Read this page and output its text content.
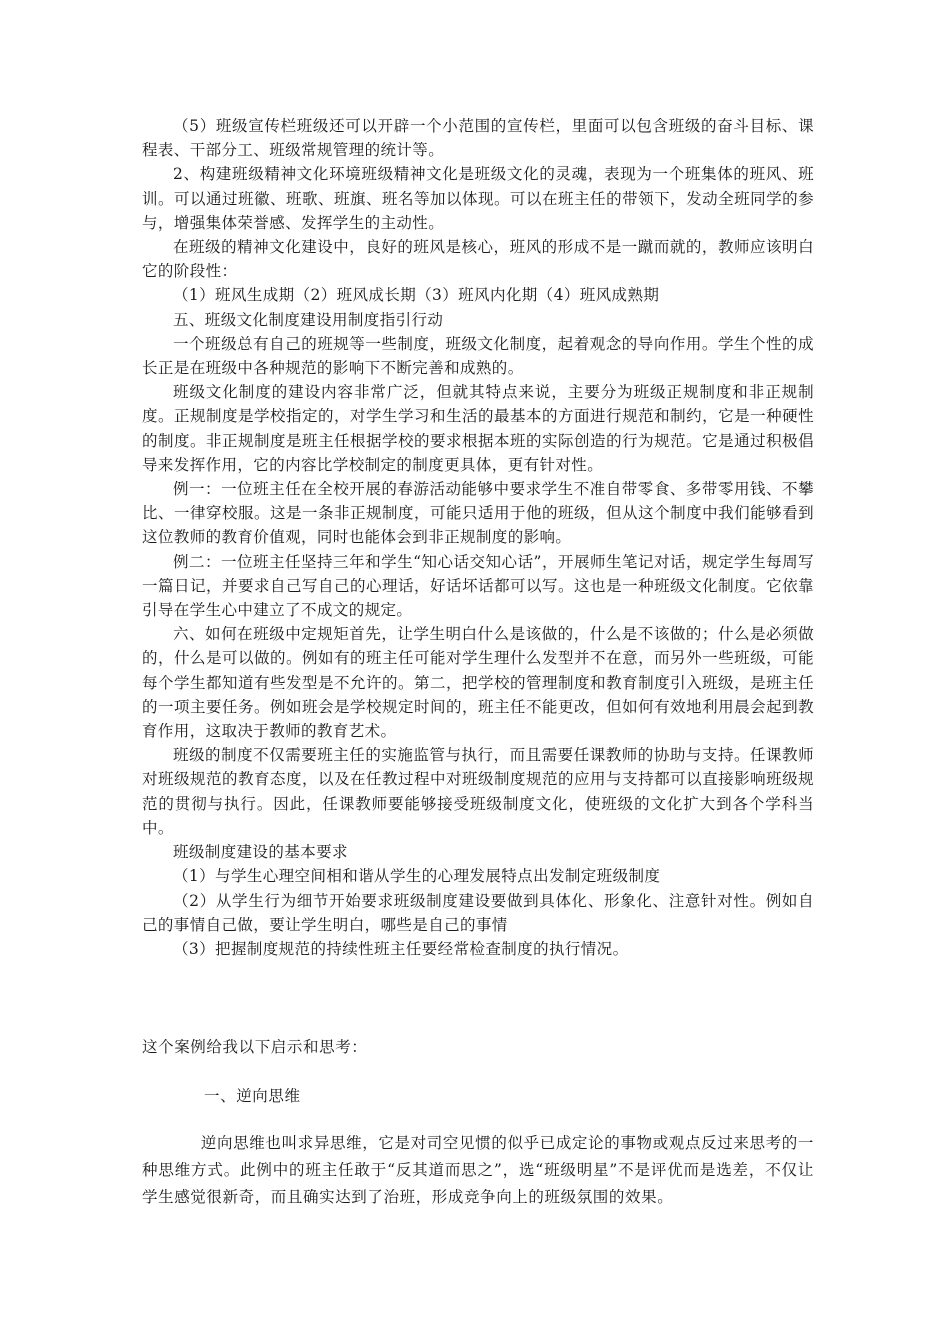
（5）班级宣传栏班级还可以开辟一个小范围的宣传栏，里面可以包含班级的奋斗目标、课程表、干部分工、班级常规管理的统计等。

2、构建班级精神文化环境班级精神文化是班级文化的灵魂，表现为一个班集体的班风、班训。可以通过班徽、班歌、班旗、班名等加以体现。可以在班主任的带领下，发动全班同学的参与，增强集体荣誉感、发挥学生的主动性。

在班级的精神文化建设中，良好的班风是核心，班风的形成不是一蹴而就的，教师应该明白它的阶段性：

（1）班风生成期（2）班风成长期（3）班风内化期（4）班风成熟期

五、班级文化制度建设用制度指引行动

一个班级总有自己的班规等一些制度，班级文化制度，起着观念的导向作用。学生个性的成长正是在班级中各种规范的影响下不断完善和成熟的。

班级文化制度的建设内容非常广泛，但就其特点来说，主要分为班级正规制度和非正规制度。正规制度是学校指定的，对学生学习和生活的最基本的方面进行规范和制约，它是一种硬性的制度。非正规制度是班主任根据学校的要求根据本班的实际创造的行为规范。它是通过积极倡导来发挥作用，它的内容比学校制定的制度更具体，更有针对性。

例一：一位班主任在全校开展的春游活动能够中要求学生不准自带零食、多带零用钱、不攀比、一律穿校服。这是一条非正规制度，可能只适用于他的班级，但从这个制度中我们能够看到这位教师的教育价值观，同时也能体会到非正规制度的影响。

例二：一位班主任坚持三年和学生“知心话交知心话”，开展师生笔记对话，规定学生每周写一篇日记，并要求自己写自己的心理话，好话坏话都可以写。这也是一种班级文化制度。它依靠引导在学生心中建立了不成文的规定。

六、如何在班级中定规矩首先，让学生明白什么是该做的，什么是不该做的；什么是必须做的，什么是可以做的。例如有的班主任可能对学生理什么发型并不在意，而另外一些班级，可能每个学生都知道有些发型是不允许的。第二，把学校的管理制度和教育制度引入班级，是班主任的一项主要任务。例如班会是学校规定时间的，班主任不能更改，但如何有效地利用晨会起到教育作用，这取决于教师的教育艺术。

班级的制度不仅需要班主任的实施监管与执行，而且需要任课教师的协助与支持。任课教师对班级规范的教育态度，以及在任教过程中对班级制度规范的应用与支持都可以直接影响班级规范的贯彻与执行。因此，任课教师要能够接受班级制度文化，使班级的文化扩大到各个学科当中。

班级制度建设的基本要求

（1）与学生心理空间相和谐从学生的心理发展特点出发制定班级制度

（2）从学生行为细节开始要求班级制度建设要做到具体化、形象化、注意针对性。例如自己的事情自己做，要让学生明白，哪些是自己的事情

（3）把握制度规范的持续性班主任要经常检查制度的执行情况。

这个案例给我以下启示和思考：

一、逆向思维

逆向思维也叫求异思维，它是对司空见惯的似乎已成定论的事物或观点反过来思考的一种思维方式。此例中的班主任敢于“反其道而思之”，选“班级明星”不是评优而是选差，不仅让学生感觉很新奇，而且确实达到了治班，形成竞争向上的班级氛围的效果。
